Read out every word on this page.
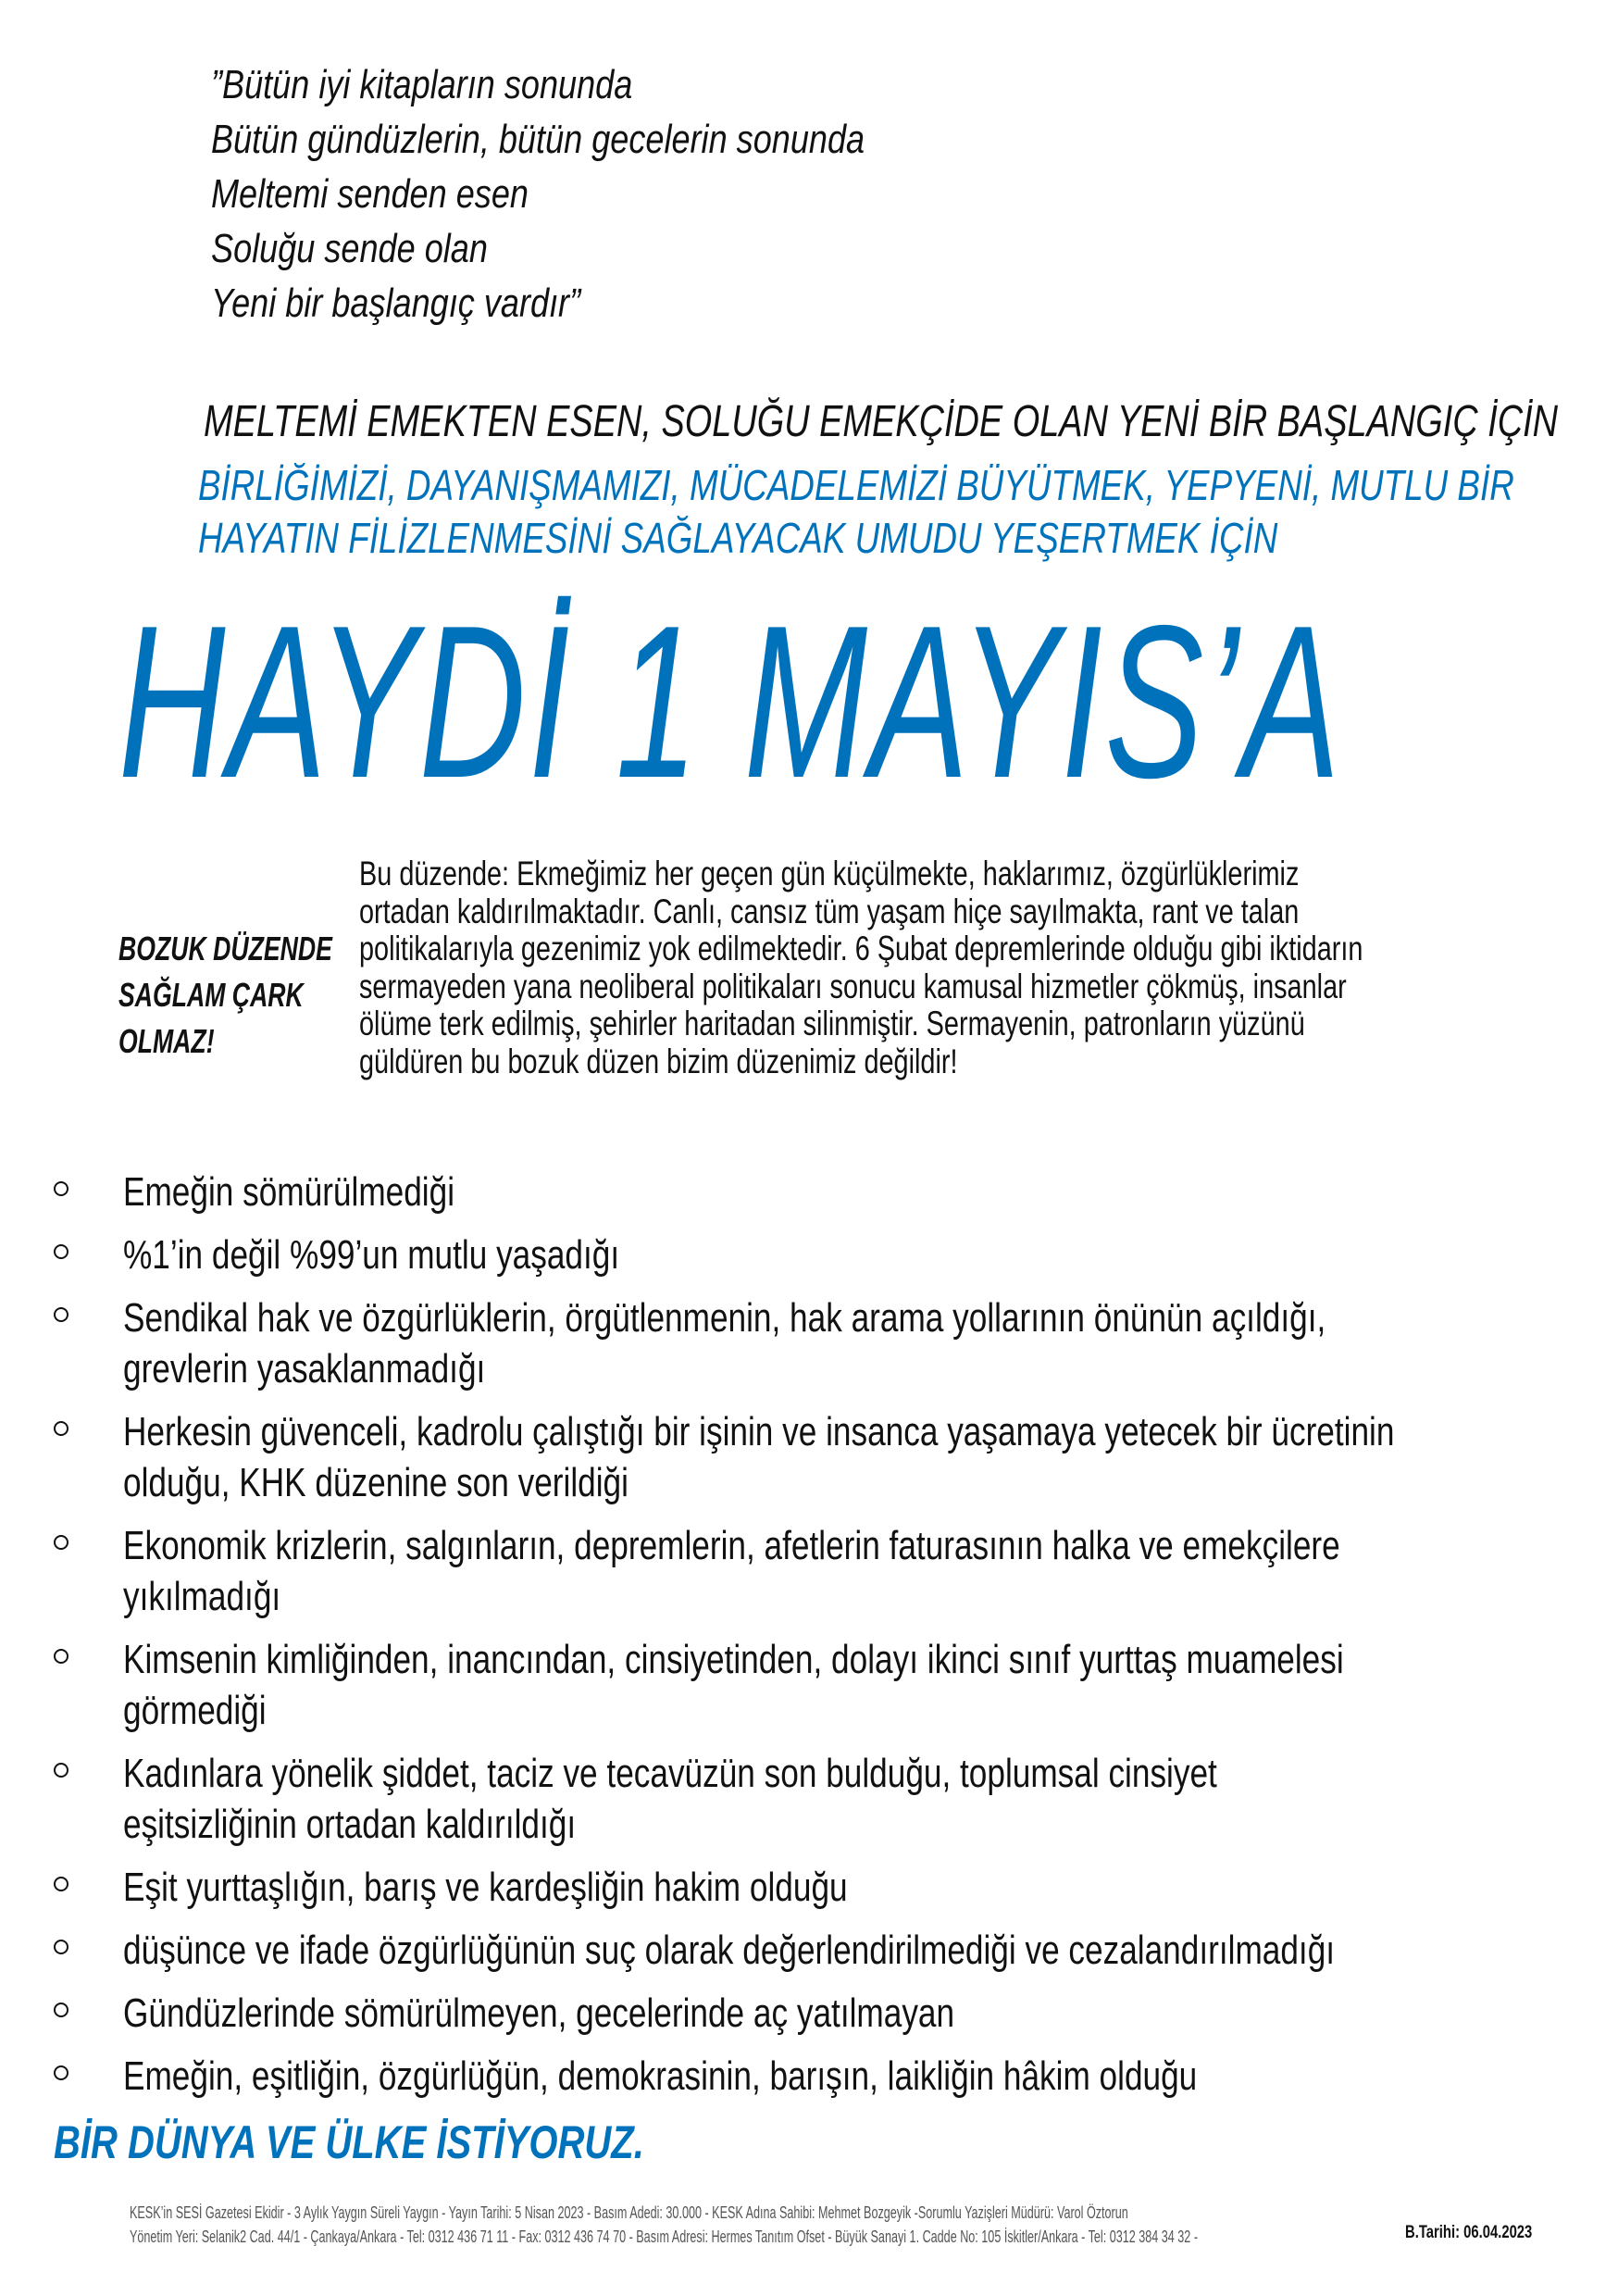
”Bütün iyi kitapların sonunda
Bütün gündüzlerin, bütün gecelerin sonunda
Meltemi senden esen
Soluğu sende olan
Yeni bir başlangıç vardır”
MELTEMİ EMEKTEN ESEN, SOLUĞU EMEKÇİDE OLAN YENİ BİR BAŞLANGIÇ İÇİN
BİRLİĞİMİZİ, DAYANIŞMAMIZI, MÜCADELEMİZİ BÜYÜTMEK, YEPYENİ, MUTLU BİR
HAYATIN FİLİZLENMESİNİ SAĞLAYACAK UMUDU YEŞERTMEK İÇİN
HAYDİ 1 MAYIS’A
BOZUK DÜZENDE
SAĞLAM ÇARK
OLMAZ!
Bu düzende: Ekmeğimiz her geçen gün küçülmekte, haklarımız, özgürlüklerimiz
ortadan kaldırılmaktadır. Canlı, cansız tüm yaşam hiçe sayılmakta, rant ve talan
politikalarıyla gezenimiz yok edilmektedir. 6 Şubat depremlerinde olduğu gibi iktidarın
sermayeden yana neoliberal politikaları sonucu kamusal hizmetler çökmüş, insanlar
ölüme terk edilmiş, şehirler haritadan silinmiştir. Sermayenin, patronların yüzünü
güldüren bu bozuk düzen bizim düzenimiz değildir!
Emeğin sömürülmediği
%1’in değil %99’un mutlu yaşadığı
Sendikal hak ve özgürlüklerin, örgütlenmenin, hak arama yollarının önünün açıldığı,
grevlerin yasaklanmadığı
Herkesin güvenceli, kadrolu çalıştığı bir işinin ve insanca yaşamaya yetecek bir ücretinin
olduğu, KHK düzenine son verildiği
Ekonomik krizlerin, salgınların, depremlerin, afetlerin faturasının halka ve emekçilere
yıkılmadığı
Kimsenin kimliğinden, inancından, cinsiyetinden, dolayı ikinci sınıf yurttaş muamelesi
görmediği
Kadınlara yönelik şiddet, taciz ve tecavüzün son bulduğu, toplumsal cinsiyet
eşitsizliğinin ortadan kaldırıldığı
Eşit yurttaşlığın, barış ve kardeşliğin hakim olduğu
düşünce ve ifade özgürlüğünün suç olarak değerlendirilmediği ve cezalandırılmadığı
Gündüzlerinde sömürülmeyen, gecelerinde aç yatılmayan
Emeğin, eşitliğin, özgürlüğün, demokrasinin, barışın, laikliğin hâkim olduğu
BİR DÜNYA VE ÜLKE İSTİYORUZ.
KESK’in SESİ Gazetesi Ekidir - 3 Aylık Yaygın Süreli Yaygın - Yayın Tarihi: 5 Nisan 2023 - Basım Adedi: 30.000 - KESK Adına Sahibi: Mehmet Bozgeyik -Sorumlu Yazişleri Müdürü: Varol Öztorun
Yönetim Yeri: Selanik2 Cad. 44/1 - Çankaya/Ankara - Tel: 0312 436 71 11 - Fax: 0312 436 74 70 - Basım Adresi: Hermes Tanıtım Ofset - Büyük Sanayi 1. Cadde No: 105 İskitler/Ankara - Tel: 0312 384 34 32 -	B.Tarihi: 06.04.2023
